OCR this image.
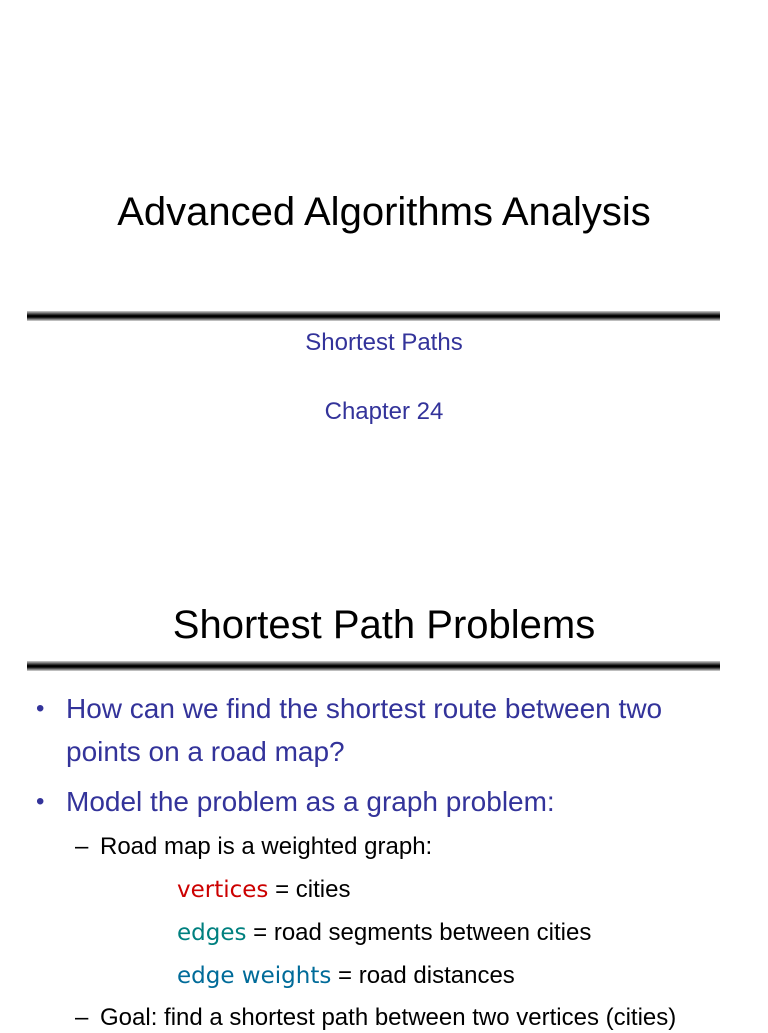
Advanced Algorithms Analysis
Shortest Paths
Chapter 24
Shortest Path Problems
• How can we find the shortest route between two
points on a road map?
• Model the problem as a graph problem:
– Road map is a weighted graph:
vertices = cities
edges = road segments between cities
edge weights = road distances
– Goal: find a shortest path between two vertices (cities)
